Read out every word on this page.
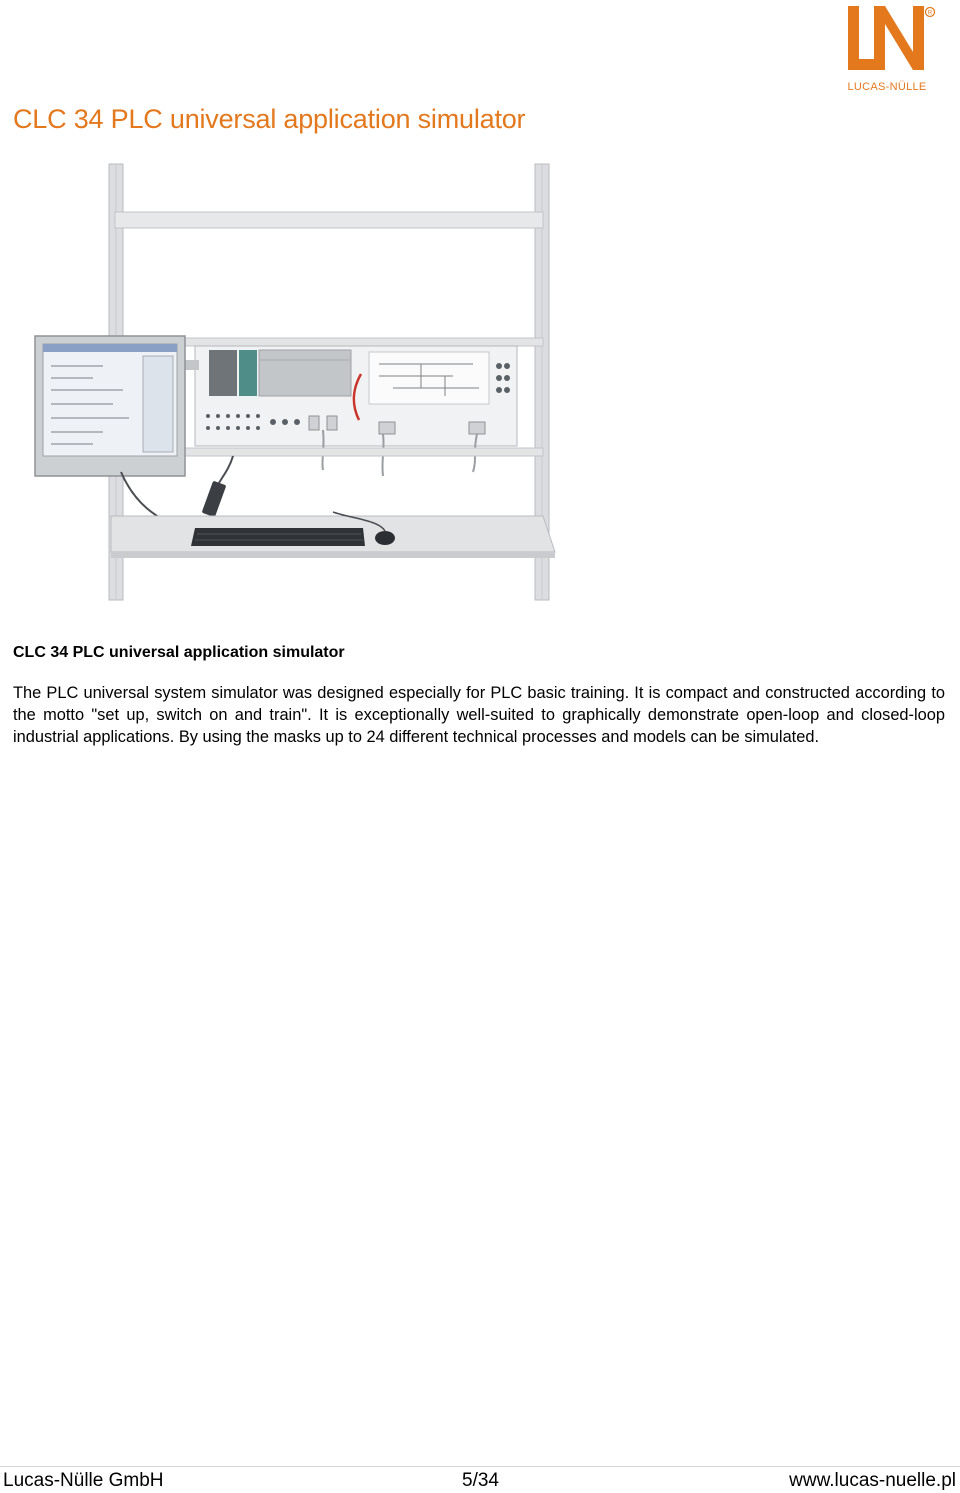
R
LUCAS-NÜLLE
CLC 34 PLC universal application simulator
CLC 34 PLC universal application simulator

The PLC universal system simulator was designed especially for PLC basic training. It is compact and constructed according to the motto "set up, switch on and train". It is exceptionally well-suited to graphically demonstrate open-loop and closed-loop industrial applications. By using the masks up to 24 different technical processes and models can be simulated.

Lucas-Nülle GmbH	5/34	www.lucas-nuelle.pl
